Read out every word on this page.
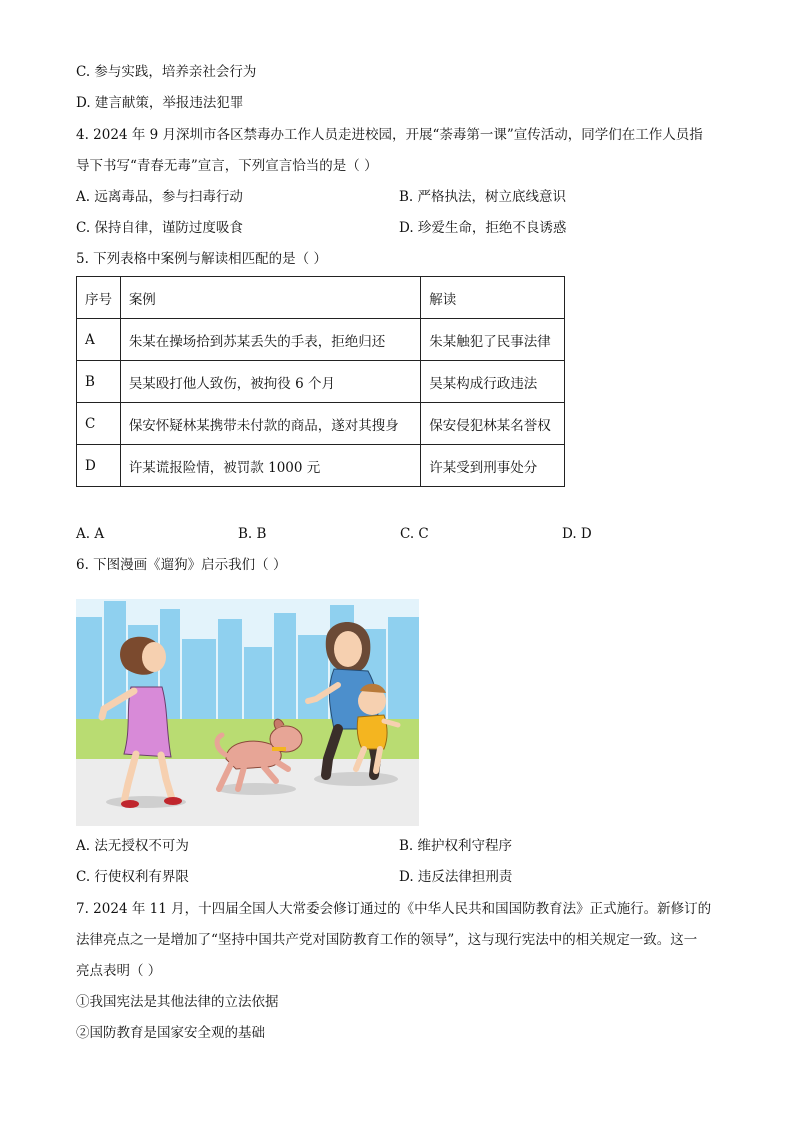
C. 参与实践，培养亲社会行为
D. 建言献策，举报违法犯罪
4. 2024 年 9 月深圳市各区禁毒办工作人员走进校园，开展“荼毒第一课”宣传活动，同学们在工作人员指
导下书写“青春无毒”宣言，下列宣言恰当的是（ ）
A. 远离毒品，参与扫毒行动	B. 严格执法，树立底线意识
C. 保持自律，谨防过度吸食	D. 珍爱生命，拒绝不良诱惑
5. 下列表格中案例与解读相匹配的是（ ）
序号	案例	解读
A	朱某在操场拾到苏某丢失的手表，拒绝归还	朱某触犯了民事法律
B	吴某殴打他人致伤，被拘役 6 个月	吴某构成行政违法
C	保安怀疑林某携带未付款的商品，遂对其搜身	保安侵犯林某名誉权
D	许某谎报险情，被罚款 1000 元	许某受到刑事处分
A. A	B. B	C. C	D. D
6. 下图漫画《遛狗》启示我们（ ）
A. 法无授权不可为	B. 维护权利守程序
C. 行使权利有界限	D. 违反法律担刑责
7. 2024 年 11 月，十四届全国人大常委会修订通过的《中华人民共和国国防教育法》正式施行。新修订的
法律亮点之一是增加了“坚持中国共产党对国防教育工作的领导”，这与现行宪法中的相关规定一致。这一
亮点表明（ ）
①我国宪法是其他法律的立法依据
②国防教育是国家安全观的基础
